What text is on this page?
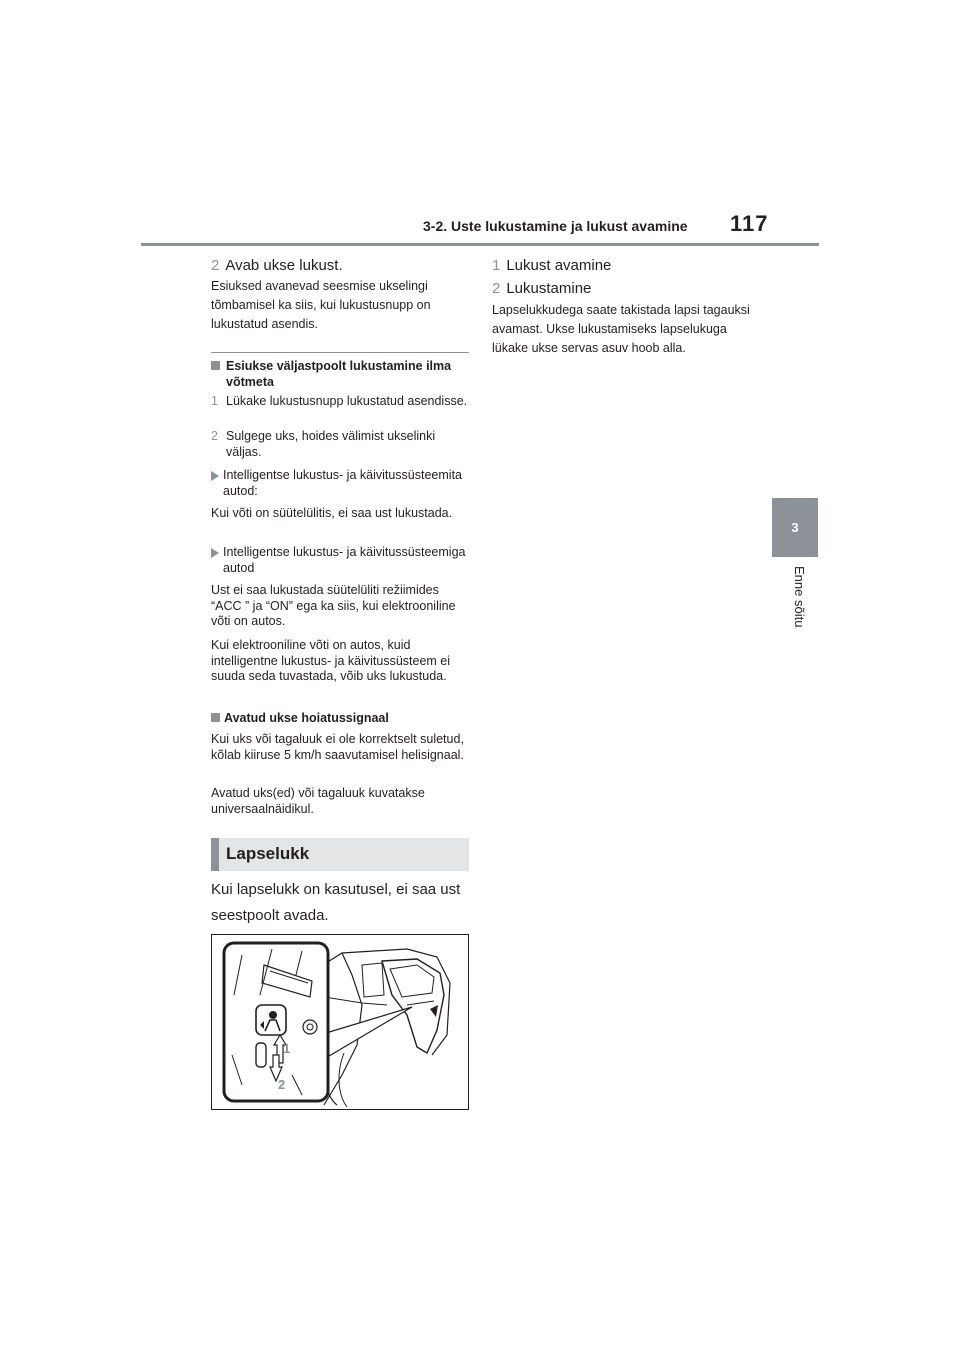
3-2. Uste lukustamine ja lukust avamine 117
3
Enne sõitu
2 Avab ukse lukust.
Esiuksed avanevad seesmise ukselingi tõmbamisel ka siis, kui lukustusnupp on lukustatud asendis.
Esiukse väljastpoolt lukustamine ilma võtmeta
1 Lükake lukustusnupp lukustatud asendisse.
2 Sulgege uks, hoides välimist ukselinki väljas.
Intelligentse lukustus- ja käivitussüsteemita autod:
Kui võti on süütelülitis, ei saa ust lukustada.
Intelligentse lukustus- ja käivitussüsteemiga autod
Ust ei saa lukustada süütelüliti režiimides “ACC ” ja “ON” ega ka siis, kui elektrooniline võti on autos.
Kui elektrooniline võti on autos, kuid intelligentne lukustus- ja käivitussüsteem ei suuda seda tuvastada, võib uks lukustuda.
Avatud ukse hoiatussignaal
Kui uks või tagaluuk ei ole korrektselt suletud, kõlab kiiruse 5 km/h saavutamisel helisignaal.
Avatud uks(ed) või tagaluuk kuvatakse universaalnäidikul.
Lapselukk
Kui lapselukk on kasutusel, ei saa ust seestpoolt avada.
1
2
1 Lukust avamine
2 Lukustamine
Lapselukkudega saate takistada lapsi tagauksi avamast. Ukse lukustamiseks lapselukuga lükake ukse servas asuv hoob alla.
